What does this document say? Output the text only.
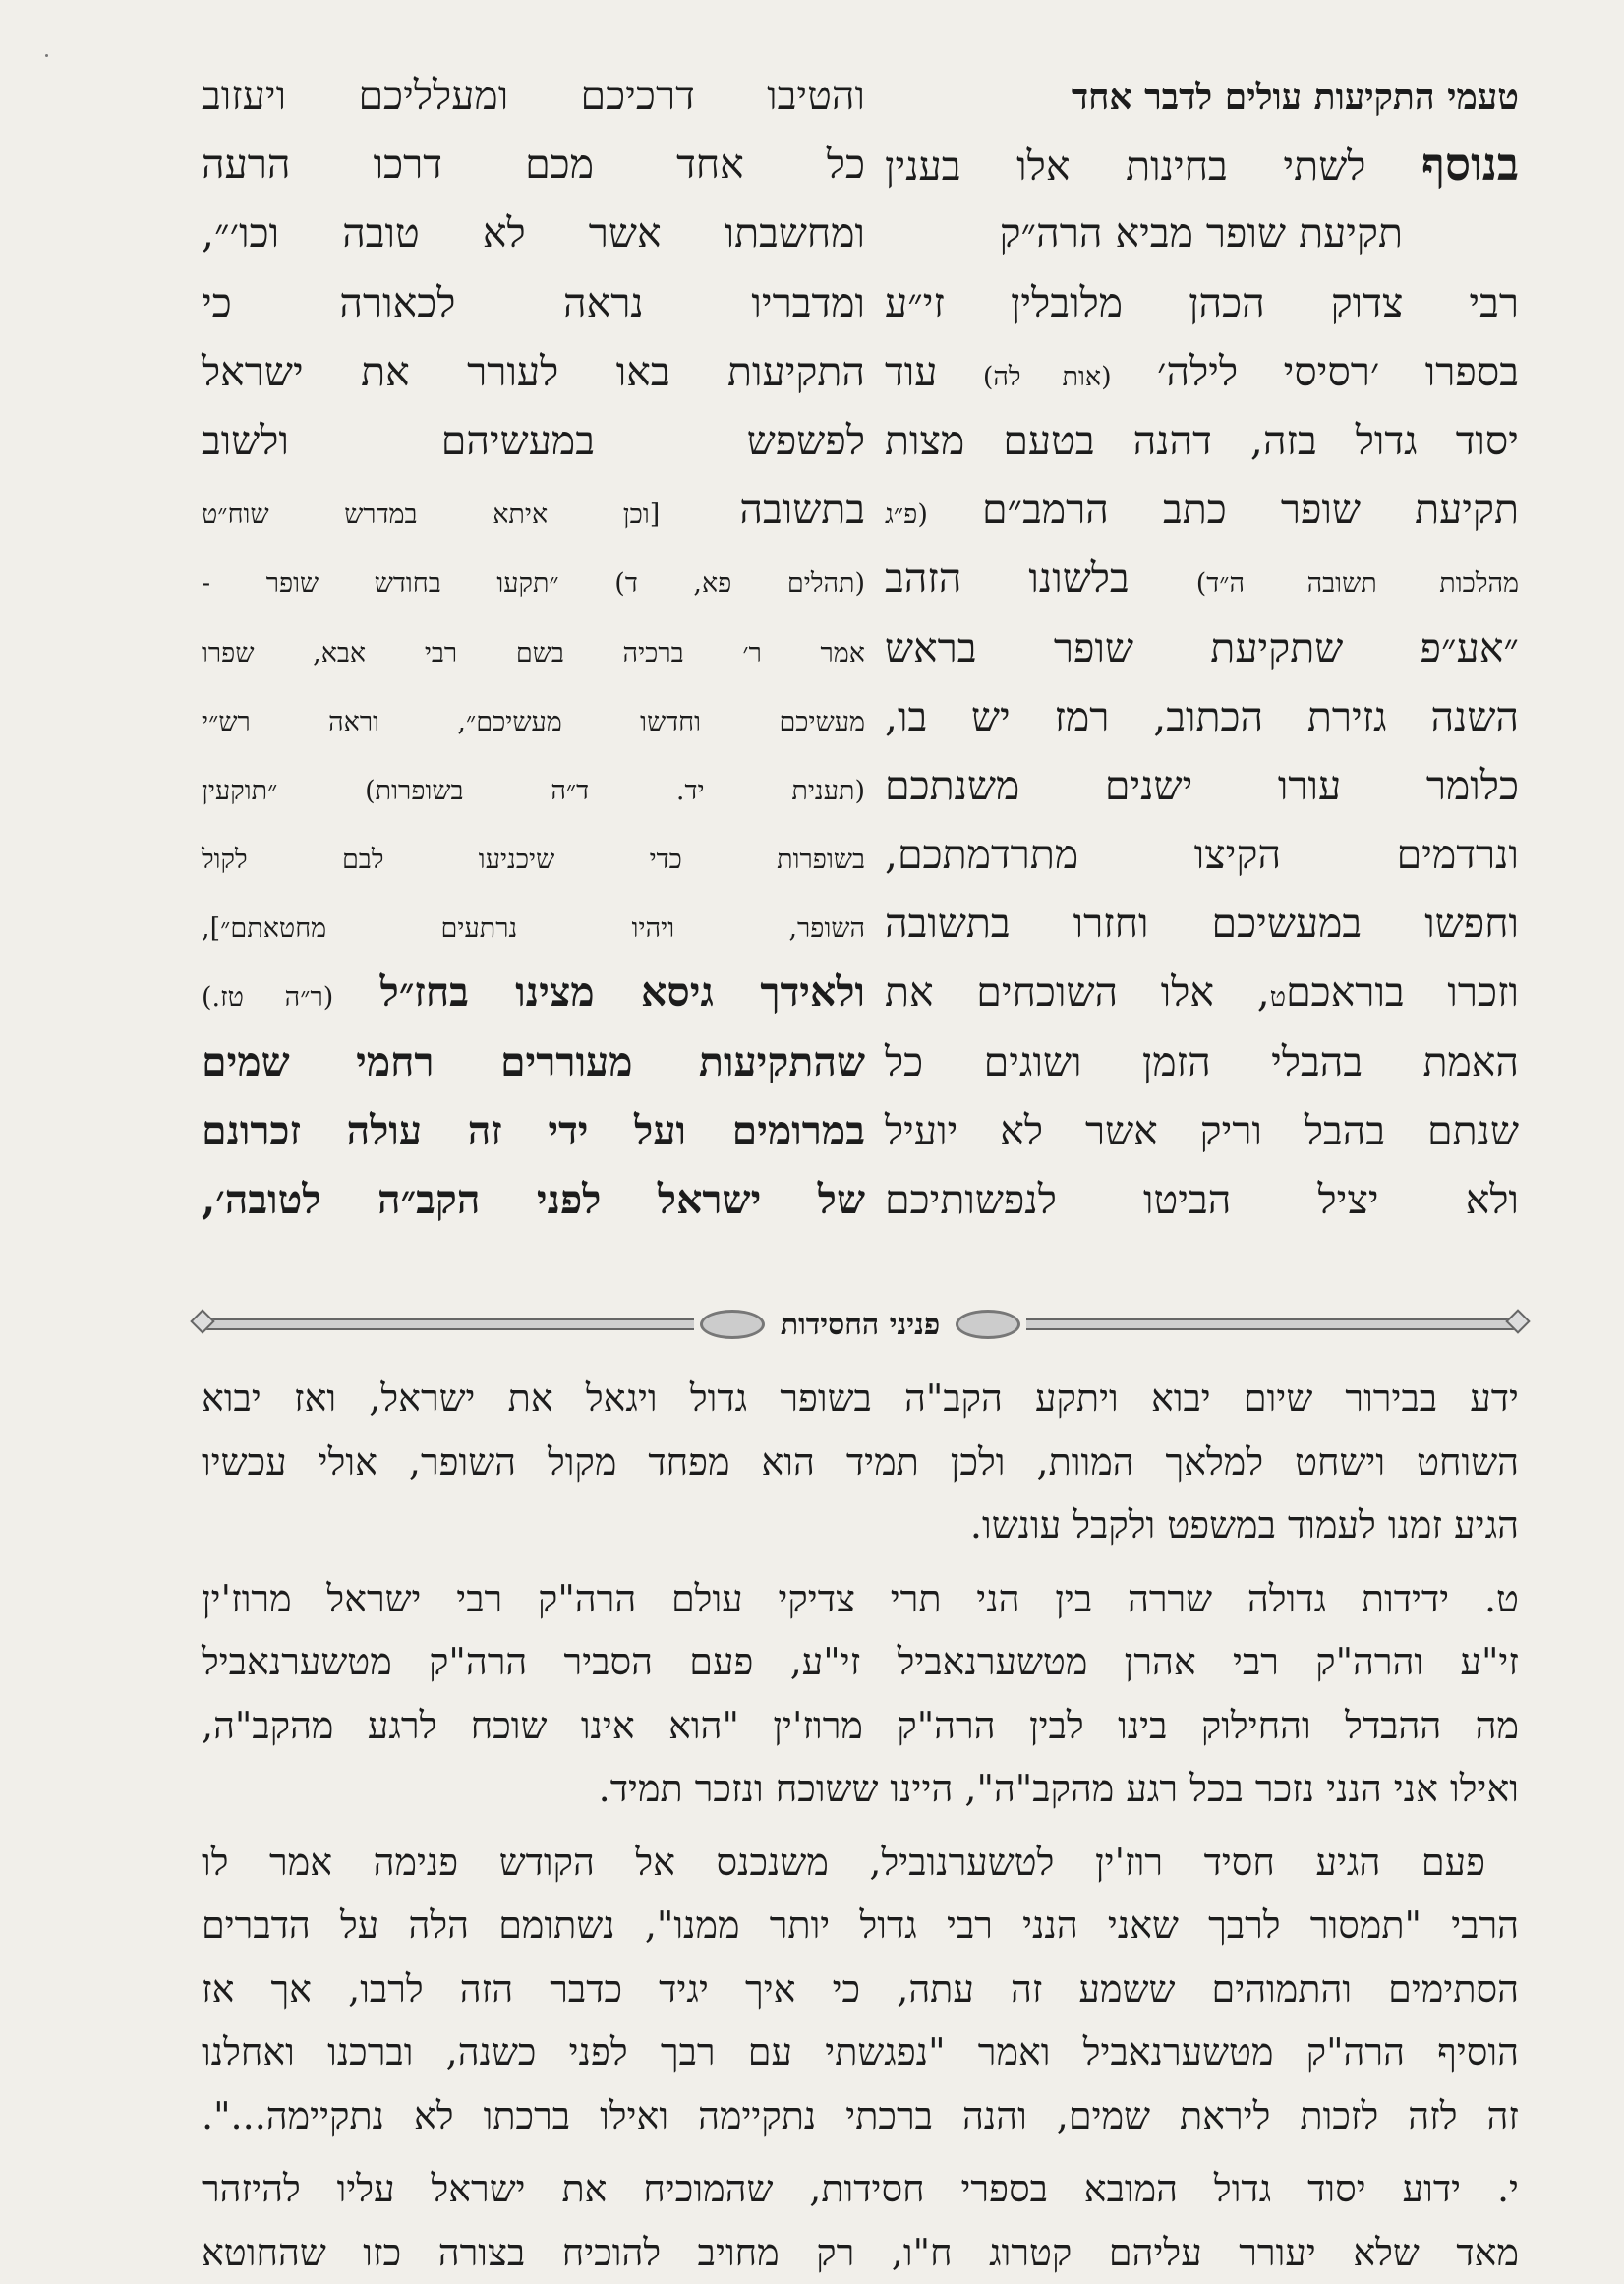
טעמי התקיעות עולים לדבר אחד
בנוסף לשתי בחינות אלו בענין
תקיעת שופר מביא הרה״ק
רבי צדוק הכהן מלובלין זי״ע
בספרו ׳רסיסי לילה׳ (אות לה) עוד
יסוד גדול בזה, דהנה בטעם מצות
תקיעת שופר כתב הרמב״ם (פ״ג
מהלכות תשובה ה״ד) בלשונו הזהב
״אע״פ שתקיעת שופר בראש
השנה גזירת הכתוב, רמז יש בו,
כלומר עורו ישנים משנתכם
ונרדמים הקיצו מתרדמתכם,
וחפשו במעשיכם וחזרו בתשובה
וזכרו בוראכםט, אלו השוכחים את
האמת בהבלי הזמן ושוגים כל
שנתם בהבל וריק אשר לא יועיל
ולא יציל הביטו לנפשותיכם
והטיבו דרכיכם ומעלליכם ויעזוב
כל אחד מכם דרכו הרעה
ומחשבתו אשר לא טובה וכו׳״,
ומדבריו נראה לכאורה כי
התקיעות באו לעורר את ישראל
לפשפש במעשיהם ולשוב
בתשובה [וכן איתא במדרש שוח״ט
(תהלים פא, ד) ״תקעו בחודש שופר -
אמר ר׳ ברכיה בשם רבי אבא, שפרו
מעשיכם וחדשו מעשיכם״, וראה רש״י
(תענית יד. ד״ה בשופרות) ״תוקעין
בשופרות כדי שיכניעו לבם לקול
השופר, ויהיו נרתעים מחטאתם״],
ולאידך גיסא מצינו בחז״ל (ר״ה טז.)
שהתקיעות מעוררים רחמי שמים
במרומים ועל ידי זה עולה זכרונם
של ישראל לפני הקב״ה לטובה׳,
פניני החסידות
ידע בבירור שיום יבוא ויתקע הקב"ה בשופר גדול ויגאל את ישראל, ואז יבוא
השוחט וישחט למלאך המוות, ולכן תמיד הוא מפחד מקול השופר, אולי עכשיו
הגיע זמנו לעמוד במשפט ולקבל עונשו.
ט. ידידות גדולה שררה בין הני תרי צדיקי עולם הרה"ק רבי ישראל מרוז'ין
זי"ע והרה"ק רבי אהרן מטשערנאביל זי"ע, פעם הסביר הרה"ק מטשערנאביל
מה ההבדל והחילוק בינו לבין הרה"ק מרוז'ין "הוא אינו שוכח לרגע מהקב"ה,
ואילו אני הנני נזכר בכל רגע מהקב"ה", היינו ששוכח ונזכר תמיד.
פעם הגיע חסיד רוז'ין לטשערנוביל, משנכנס אל הקודש פנימה אמר לו
הרבי "תמסור לרבך שאני הנני רבי גדול יותר ממנו", נשתומם הלה על הדברים
הסתימים והתמוהים ששמע זה עתה, כי איך יגיד כדבר הזה לרבו, אך אז
הוסיף הרה"ק מטשערנאביל ואמר "נפגשתי עם רבך לפני כשנה, וברכנו ואחלנו
זה לזה לזכות ליראת שמים, והנה ברכתי נתקיימה ואילו ברכתו לא נתקיימה...".
י. ידוע יסוד גדול המובא בספרי חסידות, שהמוכיח את ישראל עליו להיזהר
מאד שלא יעורר עליהם קטרוג ח"ו, רק מחויב להוכיח בצורה כזו שהחוטא
